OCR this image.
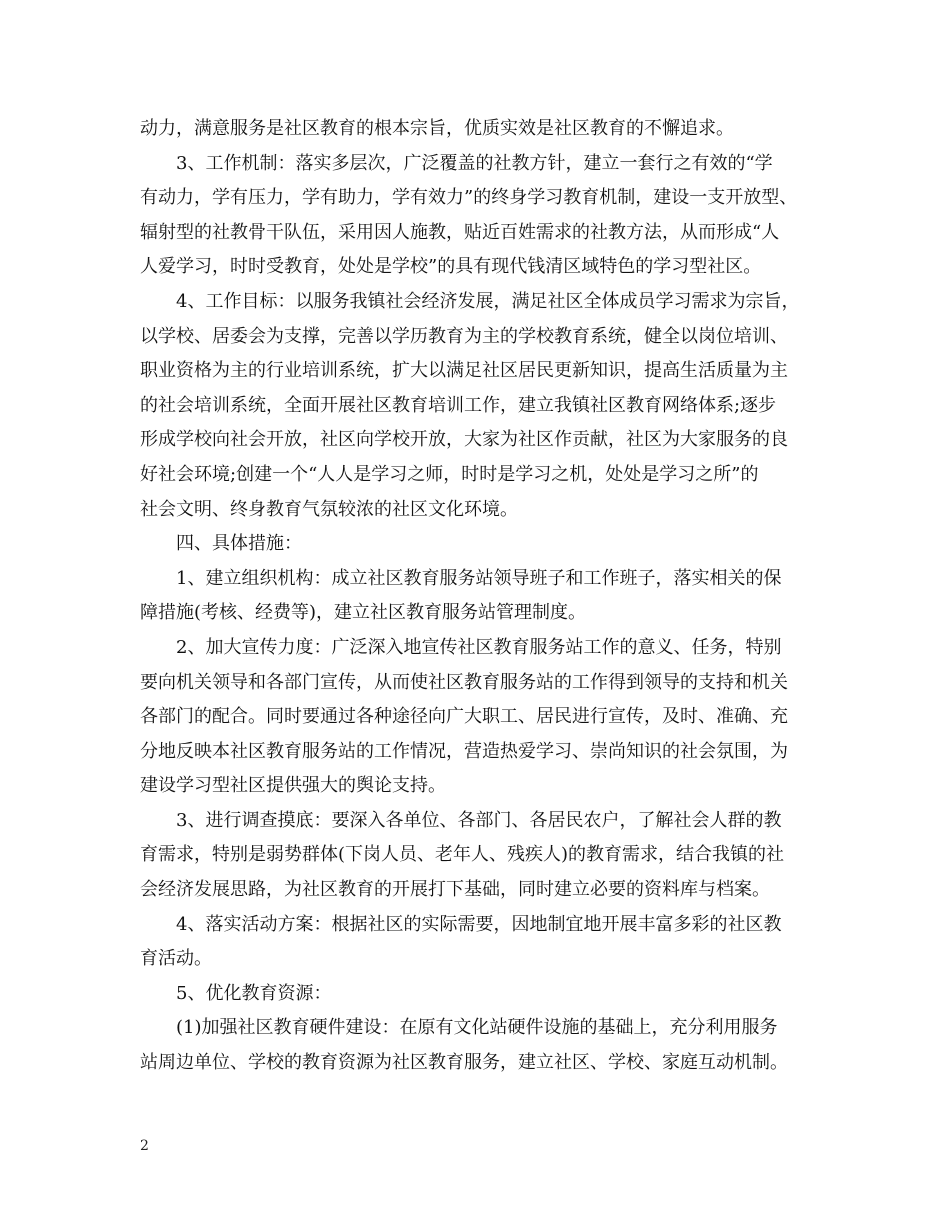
动力，满意服务是社区教育的根本宗旨，优质实效是社区教育的不懈追求。
3、工作机制：落实多层次，广泛覆盖的社教方针，建立一套行之有效的“学
有动力，学有压力，学有助力，学有效力”的终身学习教育机制，建设一支开放型、
辐射型的社教骨干队伍，采用因人施教，贴近百姓需求的社教方法，从而形成“人
人爱学习，时时受教育，处处是学校”的具有现代钱清区域特色的学习型社区。
4、工作目标：以服务我镇社会经济发展，满足社区全体成员学习需求为宗旨，
以学校、居委会为支撑，完善以学历教育为主的学校教育系统，健全以岗位培训、
职业资格为主的行业培训系统，扩大以满足社区居民更新知识，提高生活质量为主
的社会培训系统，全面开展社区教育培训工作，建立我镇社区教育网络体系;逐步
形成学校向社会开放，社区向学校开放，大家为社区作贡献，社区为大家服务的良
好社会环境;创建一个“人人是学习之师，时时是学习之机，处处是学习之所”的
社会文明、终身教育气氛较浓的社区文化环境。
四、具体措施：
1、建立组织机构：成立社区教育服务站领导班子和工作班子，落实相关的保
障措施(考核、经费等)，建立社区教育服务站管理制度。
2、加大宣传力度：广泛深入地宣传社区教育服务站工作的意义、任务，特别
要向机关领导和各部门宣传，从而使社区教育服务站的工作得到领导的支持和机关
各部门的配合。同时要通过各种途径向广大职工、居民进行宣传，及时、准确、充
分地反映本社区教育服务站的工作情况，营造热爱学习、崇尚知识的社会氛围，为
建设学习型社区提供强大的舆论支持。
3、进行调查摸底：要深入各单位、各部门、各居民农户，了解社会人群的教
育需求，特别是弱势群体(下岗人员、老年人、残疾人)的教育需求，结合我镇的社
会经济发展思路，为社区教育的开展打下基础，同时建立必要的资料库与档案。
4、落实活动方案：根据社区的实际需要，因地制宜地开展丰富多彩的社区教
育活动。
5、优化教育资源：
(1)加强社区教育硬件建设：在原有文化站硬件设施的基础上，充分利用服务
站周边单位、学校的教育资源为社区教育服务，建立社区、学校、家庭互动机制。
2
